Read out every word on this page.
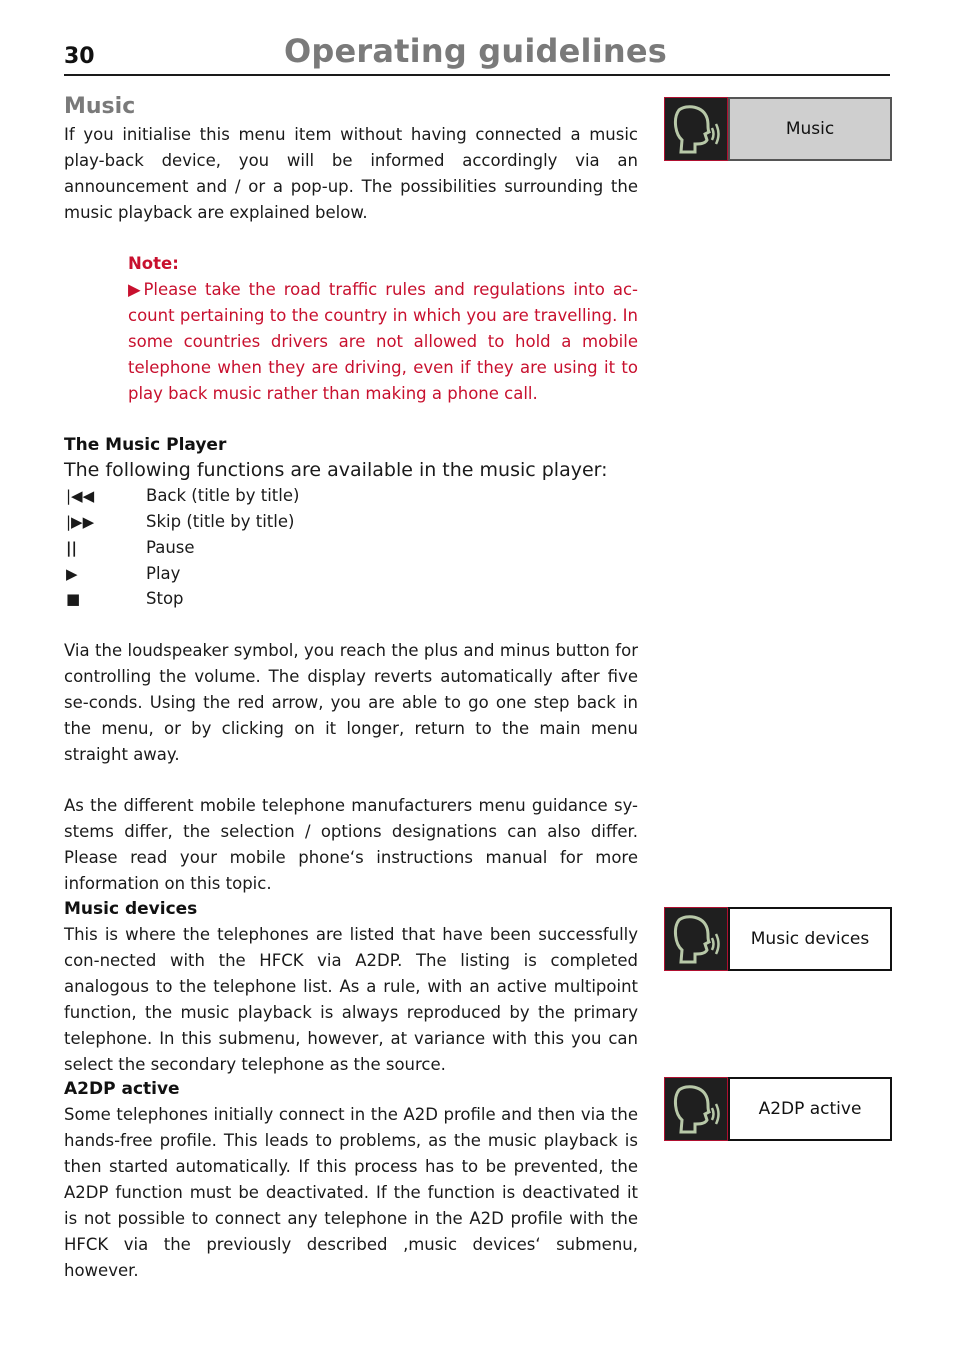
30	Operating guidelines
Music
If you initialise this menu item without having connected a music play-back device, you will be informed accordingly via an announcement and / or a pop-up. The possibilities surrounding the music playback are explained below.
Note:
▶Please take the road traffic rules and regulations into ac-count pertaining to the country in which you are travelling. In some countries drivers are not allowed to hold a mobile telephone when they are driving, even if they are using it to play back music rather than making a phone call.
The Music Player
The following functions are available in the music player:
|◀◀	Back (title by title)
|▶▶	Skip (title by title)
||	Pause
▶	Play
■	Stop
Via the loudspeaker symbol, you reach the plus and minus button for controlling the volume. The display reverts automatically after five se-conds. Using the red arrow, you are able to go one step back in the menu, or by clicking on it longer, return to the main menu straight away.
As the different mobile telephone manufacturers menu guidance sy-stems differ, the selection / options designations can also differ. Please read your mobile phone‘s instructions manual for more information on this topic.
Music devices
This is where the telephones are listed that have been successfully con-nected with the HFCK via A2DP. The listing is completed analogous to the telephone list. As a rule, with an active multipoint function, the music playback is always reproduced by the primary telephone. In this submenu, however, at variance with this you can select the secondary telephone as the source.
A2DP active
Some telephones initially connect in the A2D profile and then via the hands-free profile. This leads to problems, as the music playback is then started automatically. If this process has to be prevented, the A2DP function must be deactivated. If the function is deactivated it is not possible to connect any telephone in the A2D profile with the HFCK via the previously described ‚music devices‘ submenu, however.
Music
Music devices
A2DP active
